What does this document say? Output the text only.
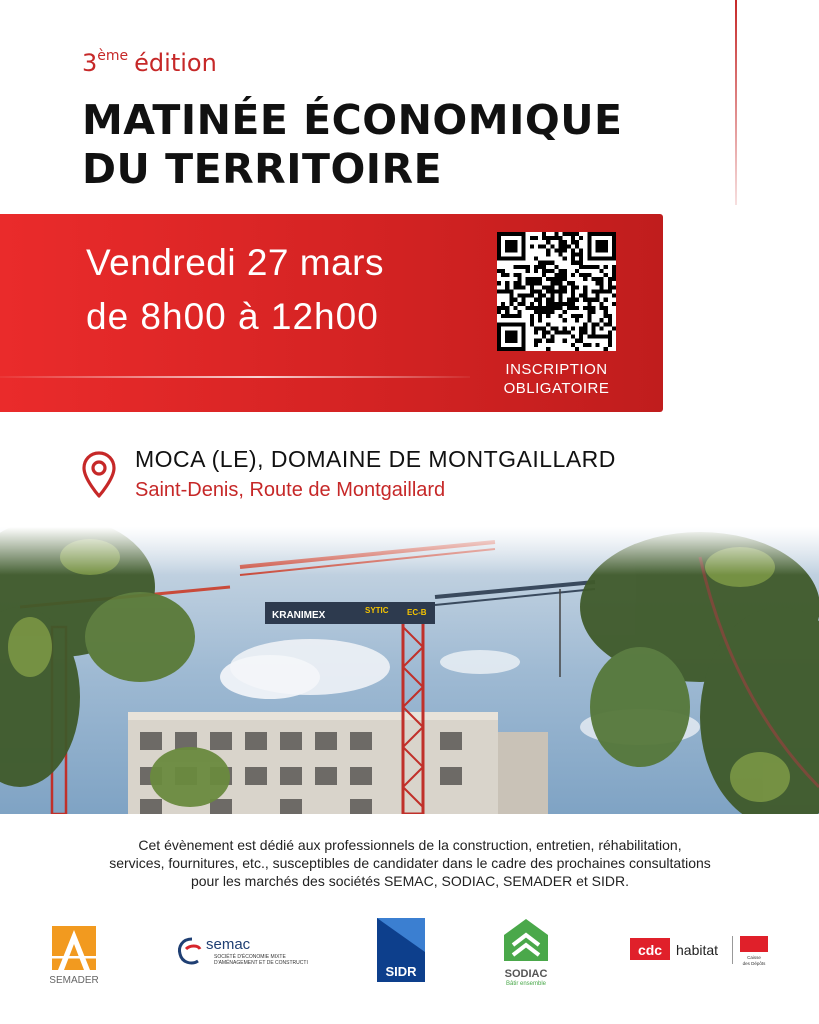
3ème édition
MATINÉE ÉCONOMIQUE
DU TERRITOIRE
Vendredi 27 mars
de 8h00 à 12h00
INSCRIPTION
OBLIGATOIRE
MOCA (LE), DOMAINE DE MONTGAILLARD
Saint-Denis, Route de Montgaillard
KRANIMEX	SYTIC EC-B

Cet évènement est dédié aux professionnels de la construction, entretien, réhabilitation,

services, fournitures, etc., susceptibles de candidater dans le cadre des prochaines consultations

pour les marchés des sociétés SEMAC, SODIAC, SEMADER et SIDR.

SEMADER
semac
SOCIÉTÉ D'ÉCONOMIE MIXTE
D'AMÉNAGEMENT ET DE CONSTRUCTION
SIDR	SODIAC
Bâtir ensemble
cdc habitat	Caisse
des Dépôts
